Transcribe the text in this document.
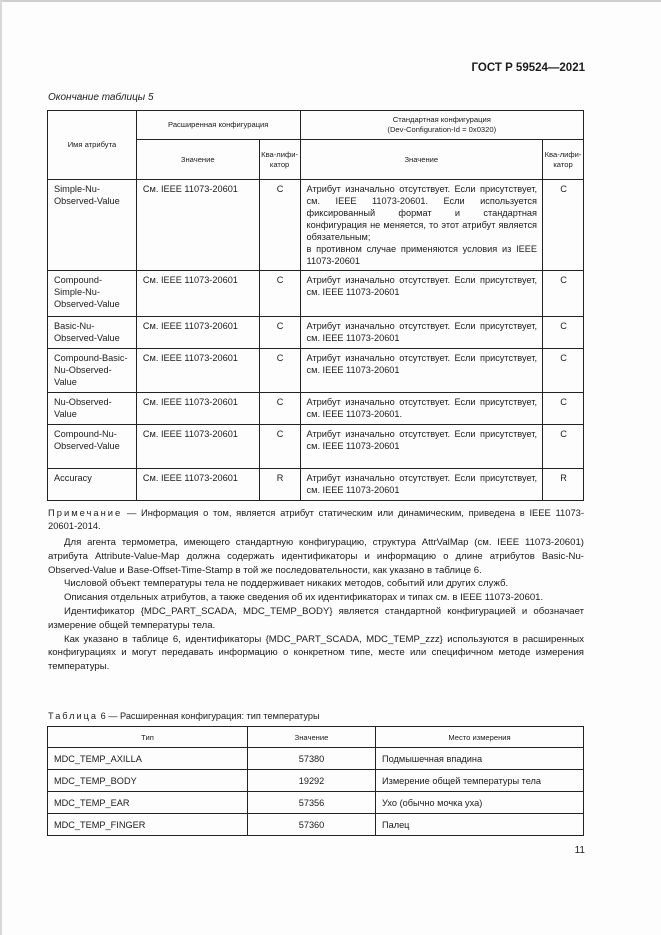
ГОСТ Р 59524—2021
Окончание таблицы 5
Имя атрибута	Расширенная конфигурация		Стандартная конфигурация
(Dev-Configuration-Id = 0x0320)	

	Значение	Ква-лифи-катор	Значение	Ква-лифи-катор
Simple-Nu-Observed-Value	См. IEEE 11073-20601	C	Атрибут изначально отсутствует. Если присутствует, см. IEEE 11073-20601. Если используется фиксированный формат и стандартная конфигурация не меняется, то этот атрибут является обязательным;
в противном случае применяются условия из IEEE 11073-20601	C
Compound-Simple-Nu-Observed-Value	См. IEEE 11073-20601	C	Атрибут изначально отсутствует. Если присутствует, см. IEEE 11073-20601	C
Basic-Nu-Observed-Value	См. IEEE 11073-20601	C	Атрибут изначально отсутствует. Если присутствует, см. IEEE 11073-20601	C
Compound-Basic-Nu-Observed-Value	См. IEEE 11073-20601	C	Атрибут изначально отсутствует. Если присутствует, см. IEEE 11073-20601	C
Nu-Observed-Value	См. IEEE 11073-20601	C	Атрибут изначально отсутствует. Если присутствует, см. IEEE 11073-20601.	C
Compound-Nu-Observed-Value	См. IEEE 11073-20601	C	Атрибут изначально отсутствует. Если присутствует, см. IEEE 11073-20601	C
Accuracy	См. IEEE 11073-20601	R	Атрибут изначально отсутствует. Если присутствует, см. IEEE 11073-20601	R
Примечание — Информация о том, является атрибут статическим или динамическим, приведена в IEEE 11073-20601-2014.

Для агента термометра, имеющего стандартную конфигурацию, структура AttrValMap (см. IEEE 11073-20601) атрибута Attribute-Value-Map должна содержать идентификаторы и информацию о длине атрибутов Basic-Nu-Observed-Value и Base-Offset-Time-Stamp в той же последовательности, как указано в таблице 6.

Числовой объект температуры тела не поддерживает никаких методов, событий или других служб.

Описания отдельных атрибутов, а также сведения об их идентификаторах и типах см. в IEEE 11073-20601.

Идентификатор {MDC_PART_SCADA, MDC_TEMP_BODY} является стандартной конфигурацией и обозначает измерение общей температуры тела.

Как указано в таблице 6, идентификаторы {MDC_PART_SCADA, MDC_TEMP_zzz} используются в расширенных конфигурациях и могут передавать информацию о конкретном типе, месте или специфичном методе измерения температуры.

Таблица 6 — Расширенная конфигурация: тип температуры
Тип	Значение	Место измерения
MDC_TEMP_AXILLA	57380	Подмышечная впадина
MDC_TEMP_BODY	19292	Измерение общей температуры тела
MDC_TEMP_EAR	57356	Ухо (обычно мочка уха)
MDC_TEMP_FINGER	57360	Палец
11
